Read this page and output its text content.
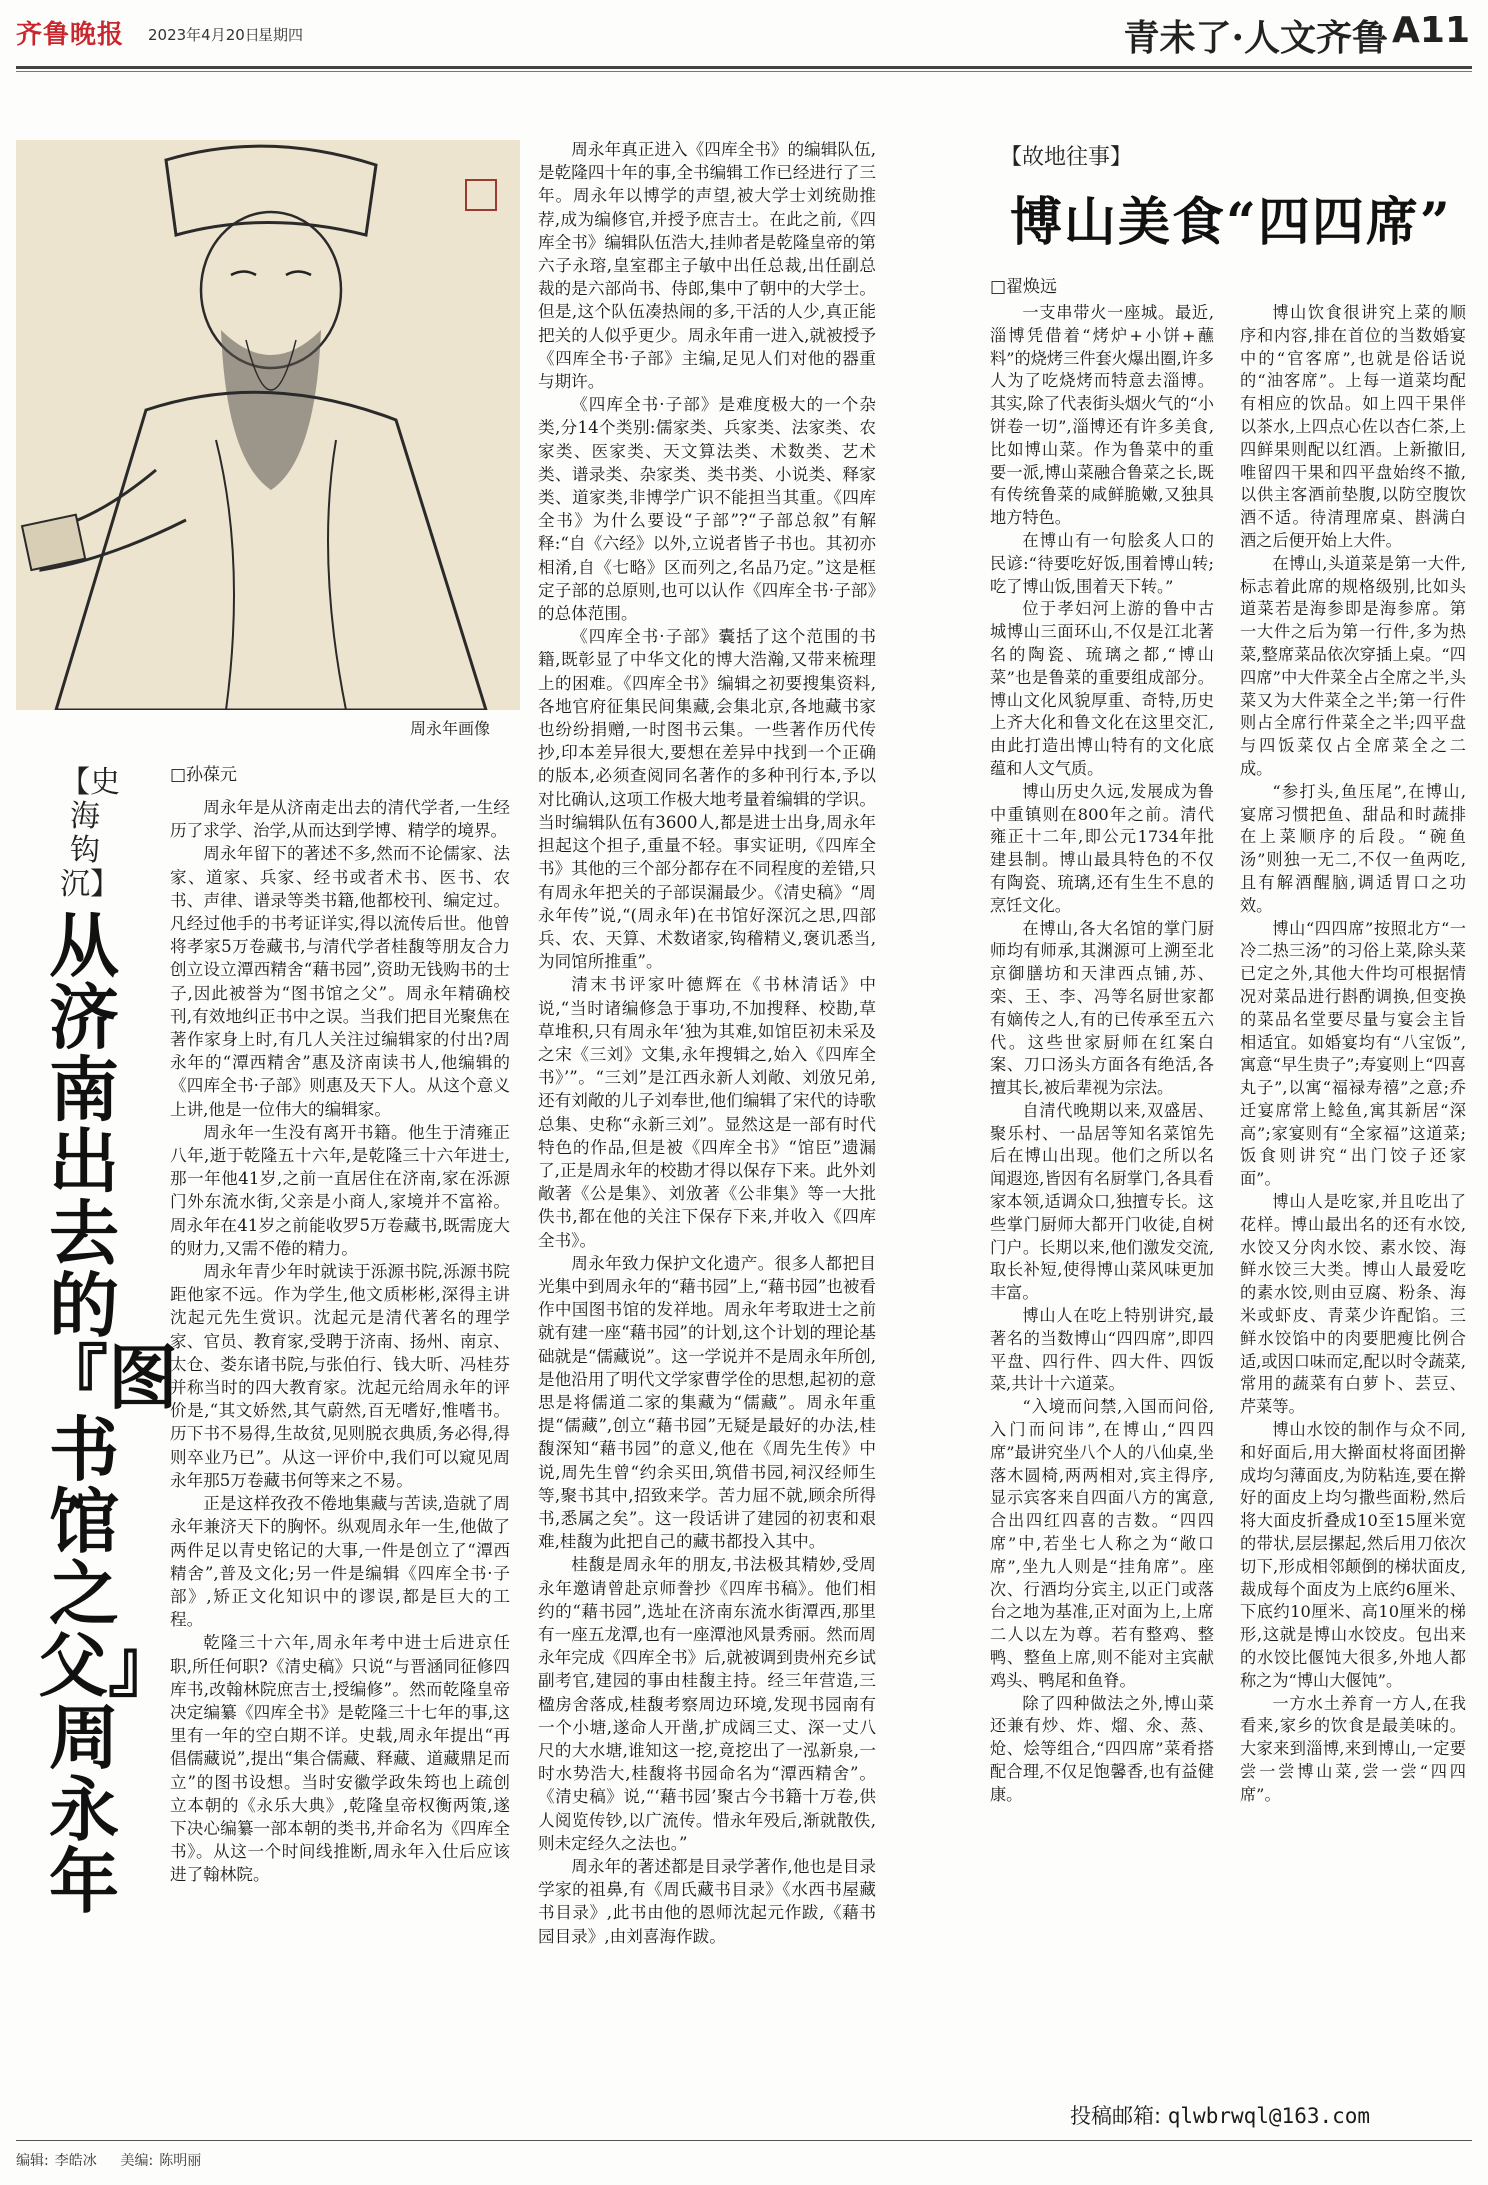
齐鲁晚报 2023年4月20日
星期四	青未了·人文齐鲁 A11
周永年画像
【史海钩沉】
从济南出去的『图书馆之父』周永年
□孙葆元

周永年是从济南走出去的清代学者,一生经历了求学、治学,从而达到学博、精学的境界。

周永年留下的著述不多,然而不论儒家、法家、道家、兵家、经书或者术书、医书、农书、声律、谱录等类书籍,他都校刊、编定过。凡经过他手的书考证详实,得以流传后世。他曾将孝家5万卷藏书,与清代学者桂馥等朋友合力创立设立潭西精舍“藉书园”,资助无钱购书的士子,因此被誉为“图书馆之父”。周永年精确校刊,有效地纠正书中之误。当我们把目光聚焦在著作家身上时,有几人关注过编辑家的付出?周永年的“潭西精舍”惠及济南读书人,他编辑的《四库全书·子部》则惠及天下人。从这个意义上讲,他是一位伟大的编辑家。

周永年一生没有离开书籍。他生于清雍正八年,逝于乾隆五十六年,是乾隆三十六年进士,那一年他41岁,之前一直居住在济南,家在泺源门外东流水街,父亲是小商人,家境并不富裕。周永年在41岁之前能收罗5万卷藏书,既需庞大的财力,又需不倦的精力。

周永年青少年时就读于泺源书院,泺源书院距他家不远。作为学生,他文质彬彬,深得主讲沈起元先生赏识。沈起元是清代著名的理学家、官员、教育家,受聘于济南、扬州、南京、太仓、娄东诸书院,与张伯行、钱大昕、冯桂芬并称当时的四大教育家。沈起元给周永年的评价是,“其文娇然,其气蔚然,百无嗜好,惟嗜书。历下书不易得,生故贫,见则脱衣典质,务必得,得则卒业乃已”。从这一评价中,我们可以窥见周永年那5万卷藏书何等来之不易。

正是这样孜孜不倦地集藏与苦读,造就了周永年兼济天下的胸怀。纵观周永年一生,他做了两件足以青史铭记的大事,一件是创立了“潭西精舍”,普及文化;另一件是编辑《四库全书·子部》,矫正文化知识中的谬误,都是巨大的工程。

乾隆三十六年,周永年考中进士后进京任职,所任何职?《清史稿》只说“与晋涵同征修四库书,改翰林院庶吉士,授编修”。然而乾隆皇帝决定编纂《四库全书》是乾隆三十七年的事,这里有一年的空白期不详。史载,周永年提出“再倡儒藏说”,提出“集合儒藏、释藏、道藏鼎足而立”的图书设想。当时安徽学政朱筠也上疏创立本朝的《永乐大典》,乾隆皇帝权衡两策,遂下决心编纂一部本朝的类书,并命名为《四库全书》。从这一个时间线推断,周永年入仕后应该进了翰林院。

周永年真正进入《四库全书》的编辑队伍,是乾隆四十年的事,全书编辑工作已经进行了三年。周永年以博学的声望,被大学士刘统勋推荐,成为编修官,并授予庶吉士。在此之前,《四库全书》编辑队伍浩大,挂帅者是乾隆皇帝的第六子永瑢,皇室郡主子敏中出任总裁,出任副总裁的是六部尚书、侍郎,集中了朝中的大学士。但是,这个队伍凑热闹的多,干活的人少,真正能把关的人似乎更少。周永年甫一进入,就被授予《四库全书·子部》主编,足见人们对他的器重与期许。

《四库全书·子部》是难度极大的一个杂类,分14个类别:儒家类、兵家类、法家类、农家类、医家类、天文算法类、术数类、艺术类、谱录类、杂家类、类书类、小说类、释家类、道家类,非博学广识不能担当其重。《四库全书》为什么要设“子部”?“子部总叙”有解释:“自《六经》以外,立说者皆子书也。其初亦相淆,自《七略》区而列之,名品乃定。”这是框定子部的总原则,也可以认作《四库全书·子部》的总体范围。

《四库全书·子部》囊括了这个范围的书籍,既彰显了中华文化的博大浩瀚,又带来梳理上的困难。《四库全书》编辑之初要搜集资料,各地官府征集民间集藏,会集北京,各地藏书家也纷纷捐赠,一时图书云集。一些著作历代传抄,印本差异很大,要想在差异中找到一个正确的版本,必须查阅同名著作的多种刊行本,予以对比确认,这项工作极大地考量着编辑的学识。当时编辑队伍有3600人,都是进士出身,周永年担起这个担子,重量不轻。事实证明,《四库全书》其他的三个部分都存在不同程度的差错,只有周永年把关的子部误漏最少。《清史稿》“周永年传”说,“(周永年)在书馆好深沉之思,四部兵、农、天算、术数诸家,钩稽精义,褒讥悉当,为同馆所推重”。

清末书评家叶德辉在《书林清话》中说,“当时诸编修急于事功,不加搜释、校勘,草草堆积,只有周永年‘独为其难,如馆臣初未采及之宋《三刘》文集,永年搜辑之,始入《四库全书》’”。“三刘”是江西永新人刘敞、刘攽兄弟,还有刘敞的儿子刘奉世,他们编辑了宋代的诗歌总集、史称“永新三刘”。显然这是一部有时代特色的作品,但是被《四库全书》“馆臣”遗漏了,正是周永年的校勘才得以保存下来。此外刘敞著《公是集》、刘攽著《公非集》等一大批佚书,都在他的关注下保存下来,并收入《四库全书》。

周永年致力保护文化遗产。很多人都把目光集中到周永年的“藉书园”上,“藉书园”也被看作中国图书馆的发祥地。周永年考取进士之前就有建一座“藉书园”的计划,这个计划的理论基础就是“儒藏说”。这一学说并不是周永年所创,是他沿用了明代文学家曹学佺的思想,起初的意思是将儒道二家的集藏为“儒藏”。周永年重提“儒藏”,创立“藉书园”无疑是最好的办法,桂馥深知“藉书园”的意义,他在《周先生传》中说,周先生曾“约余买田,筑借书园,祠汉经师生等,聚书其中,招致来学。苦力屈不就,顾余所得书,悉属之矣”。这一段话讲了建园的初衷和艰难,桂馥为此把自己的藏书都投入其中。

桂馥是周永年的朋友,书法极其精妙,受周永年邀请曾赴京师誊抄《四库书稿》。他们相约的“藉书园”,选址在济南东流水街潭西,那里有一座五龙潭,也有一座潭池风景秀丽。然而周永年完成《四库全书》后,就被调到贵州充乡试副考官,建园的事由桂馥主持。经三年营造,三楹房舍落成,桂馥考察周边环境,发现书园南有一个小塘,遂命人开凿,扩成阔三丈、深一丈八尺的大水塘,谁知这一挖,竟挖出了一泓新泉,一时水势浩大,桂馥将书园命名为“潭西精舍”。《清史稿》说,“‘藉书园’聚古今书籍十万卷,供人阅览传钞,以广流传。惜永年殁后,渐就散佚,则未定经久之法也。”

周永年的著述都是目录学著作,他也是目录学家的祖鼻,有《周氏藏书目录》《水西书屋藏书目录》,此书由他的恩师沈起元作跋,《藉书园目录》,由刘喜海作跋。

【故地往事】
博山美食“四四席”
□翟焕远

一支串带火一座城。最近,淄博凭借着“烤炉+小饼+蘸料”的烧烤三件套火爆出圈,许多人为了吃烧烤而特意去淄博。其实,除了代表街头烟火气的“小饼卷一切”,淄博还有许多美食,比如博山菜。作为鲁菜中的重要一派,博山菜融合鲁菜之长,既有传统鲁菜的咸鲜脆嫩,又独具地方特色。

在博山有一句脍炙人口的民谚:“待要吃好饭,围着博山转;吃了博山饭,围着天下转。”

位于孝妇河上游的鲁中古城博山三面环山,不仅是江北著名的陶瓷、琉璃之都,“博山菜”也是鲁菜的重要组成部分。博山文化风貌厚重、奇特,历史上齐大化和鲁文化在这里交汇,由此打造出博山特有的文化底蕴和人文气质。

博山历史久远,发展成为鲁中重镇则在800年之前。清代雍正十二年,即公元1734年批建县制。博山最具特色的不仅有陶瓷、琉璃,还有生生不息的烹饪文化。

在博山,各大名馆的掌门厨师均有师承,其渊源可上溯至北京御膳坊和天津西点铺,苏、栾、王、李、冯等名厨世家都有嫡传之人,有的已传承至五六代。这些世家厨师在红案白案、刀口汤头方面各有绝活,各擅其长,被后辈视为宗法。

自清代晚期以来,双盛居、聚乐村、一品居等知名菜馆先后在博山出现。他们之所以名闻遐迩,皆因有名厨掌门,各具看家本领,适调众口,独擅专长。这些掌门厨师大都开门收徒,自树门户。长期以来,他们激发交流,取长补短,使得博山菜风味更加丰富。

博山人在吃上特别讲究,最著名的当数博山“四四席”,即四平盘、四行件、四大件、四饭菜,共计十六道菜。

“入境而问禁,入国而问俗,入门而问讳”,在博山,“四四席”最讲究坐八个人的八仙桌,坐落木圆椅,两两相对,宾主得序,显示宾客来自四面八方的寓意,合出四红四喜的吉数。“四四席”中,若坐七人称之为“敞口席”,坐九人则是“挂角席”。座次、行酒均分宾主,以正门或落台之地为基准,正对面为上,上席二人以左为尊。若有整鸡、整鸭、整鱼上席,则不能对主宾献鸡头、鸭尾和鱼脊。

除了四种做法之外,博山菜还兼有炒、炸、熘、氽、蒸、炝、烩等组合,“四四席”菜肴搭配合理,不仅足饱馨香,也有益健康。

博山饮食很讲究上菜的顺序和内容,排在首位的当数婚宴中的“官客席”,也就是俗话说的“油客席”。上每一道菜均配有相应的饮品。如上四干果伴以茶水,上四点心佐以杏仁茶,上四鲜果则配以红酒。上新撤旧,唯留四干果和四平盘始终不撤,以供主客酒前垫腹,以防空腹饮酒不适。待清理席桌、斟满白酒之后便开始上大件。

在博山,头道菜是第一大件,标志着此席的规格级别,比如头道菜若是海参即是海参席。第一大件之后为第一行件,多为热菜,整席菜品依次穿插上桌。“四四席”中大件菜全占全席之半,头菜又为大件菜全之半;第一行件则占全席行件菜全之半;四平盘与四饭菜仅占全席菜全之二成。

“参打头,鱼压尾”,在博山,宴席习惯把鱼、甜品和时蔬排在上菜顺序的后段。“碗鱼汤”则独一无二,不仅一鱼两吃,且有解酒醒脑,调适胃口之功效。

博山“四四席”按照北方“一冷二热三汤”的习俗上菜,除头菜已定之外,其他大件均可根据情况对菜品进行斟酌调换,但变换的菜品名堂要尽量与宴会主旨相适宜。如婚宴均有“八宝饭”,寓意“早生贵子”;寿宴则上“四喜丸子”,以寓“福禄寿禧”之意;乔迁宴席常上鲶鱼,寓其新居“深高”;家宴则有“全家福”这道菜;饭食则讲究“出门饺子还家面”。

博山人是吃家,并且吃出了花样。博山最出名的还有水饺,水饺又分肉水饺、素水饺、海鲜水饺三大类。博山人最爱吃的素水饺,则由豆腐、粉条、海米或虾皮、青菜少许配馅。三鲜水饺馅中的肉要肥瘦比例合适,或因口味而定,配以时令蔬菜,常用的蔬菜有白萝卜、芸豆、芹菜等。

博山水饺的制作与众不同,和好面后,用大擀面杖将面团擀成均匀薄面皮,为防粘连,要在擀好的面皮上均匀撒些面粉,然后将大面皮折叠成10至15厘米宽的带状,层层摞起,然后用刀依次切下,形成相邻颠倒的梯状面皮,裁成每个面皮为上底约6厘米、下底约10厘米、高10厘米的梯形,这就是博山水饺皮。包出来的水饺比偃饨大很多,外地人都称之为“博山大偃饨”。

一方水土养育一方人,在我看来,家乡的饮食是最美味的。大家来到淄博,来到博山,一定要尝一尝博山菜,尝一尝“四四席”。

投稿邮箱: qlwbrwql@163.com
编辑: 李皓冰 美编: 陈明丽
